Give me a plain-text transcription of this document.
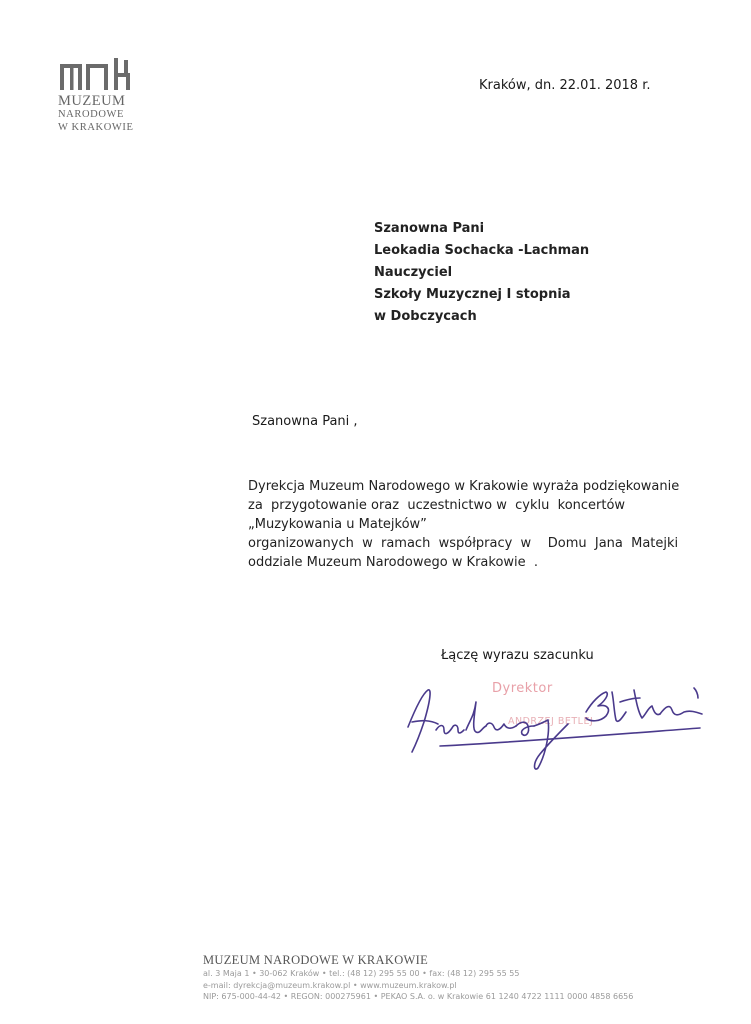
MUZEUM
NARODOWE
W KRAKOWIE
Kraków, dn. 22.01. 2018 r.
Szanowna Pani
Leokadia Sochacka -Lachman
Nauczyciel
Szkoły Muzycznej I stopnia
w Dobczycach
Szanowna Pani ,
Dyrekcja Muzeum Narodowego w Krakowie wyraża podziękowanie
za  przygotowanie oraz  uczestnictwo w  cyklu  koncertów
„Muzykowania u Matejków”
organizowanych  w  ramach  współpracy  w    Domu  Jana  Matejki
oddziale Muzeum Narodowego w Krakowie  .
Łączę wyrazu szacunku
Dyrektor
ANDRZEJ BETLEJ
MUZEUM NARODOWE W KRAKOWIE
al. 3 Maja 1 • 30-062 Kraków • tel.: (48 12) 295 55 00 • fax: (48 12) 295 55 55
e-mail: dyrekcja@muzeum.krakow.pl • www.muzeum.krakow.pl
NIP: 675-000-44-42 • REGON: 000275961 • PEKAO S.A. o. w Krakowie 61 1240 4722 1111 0000 4858 6656
